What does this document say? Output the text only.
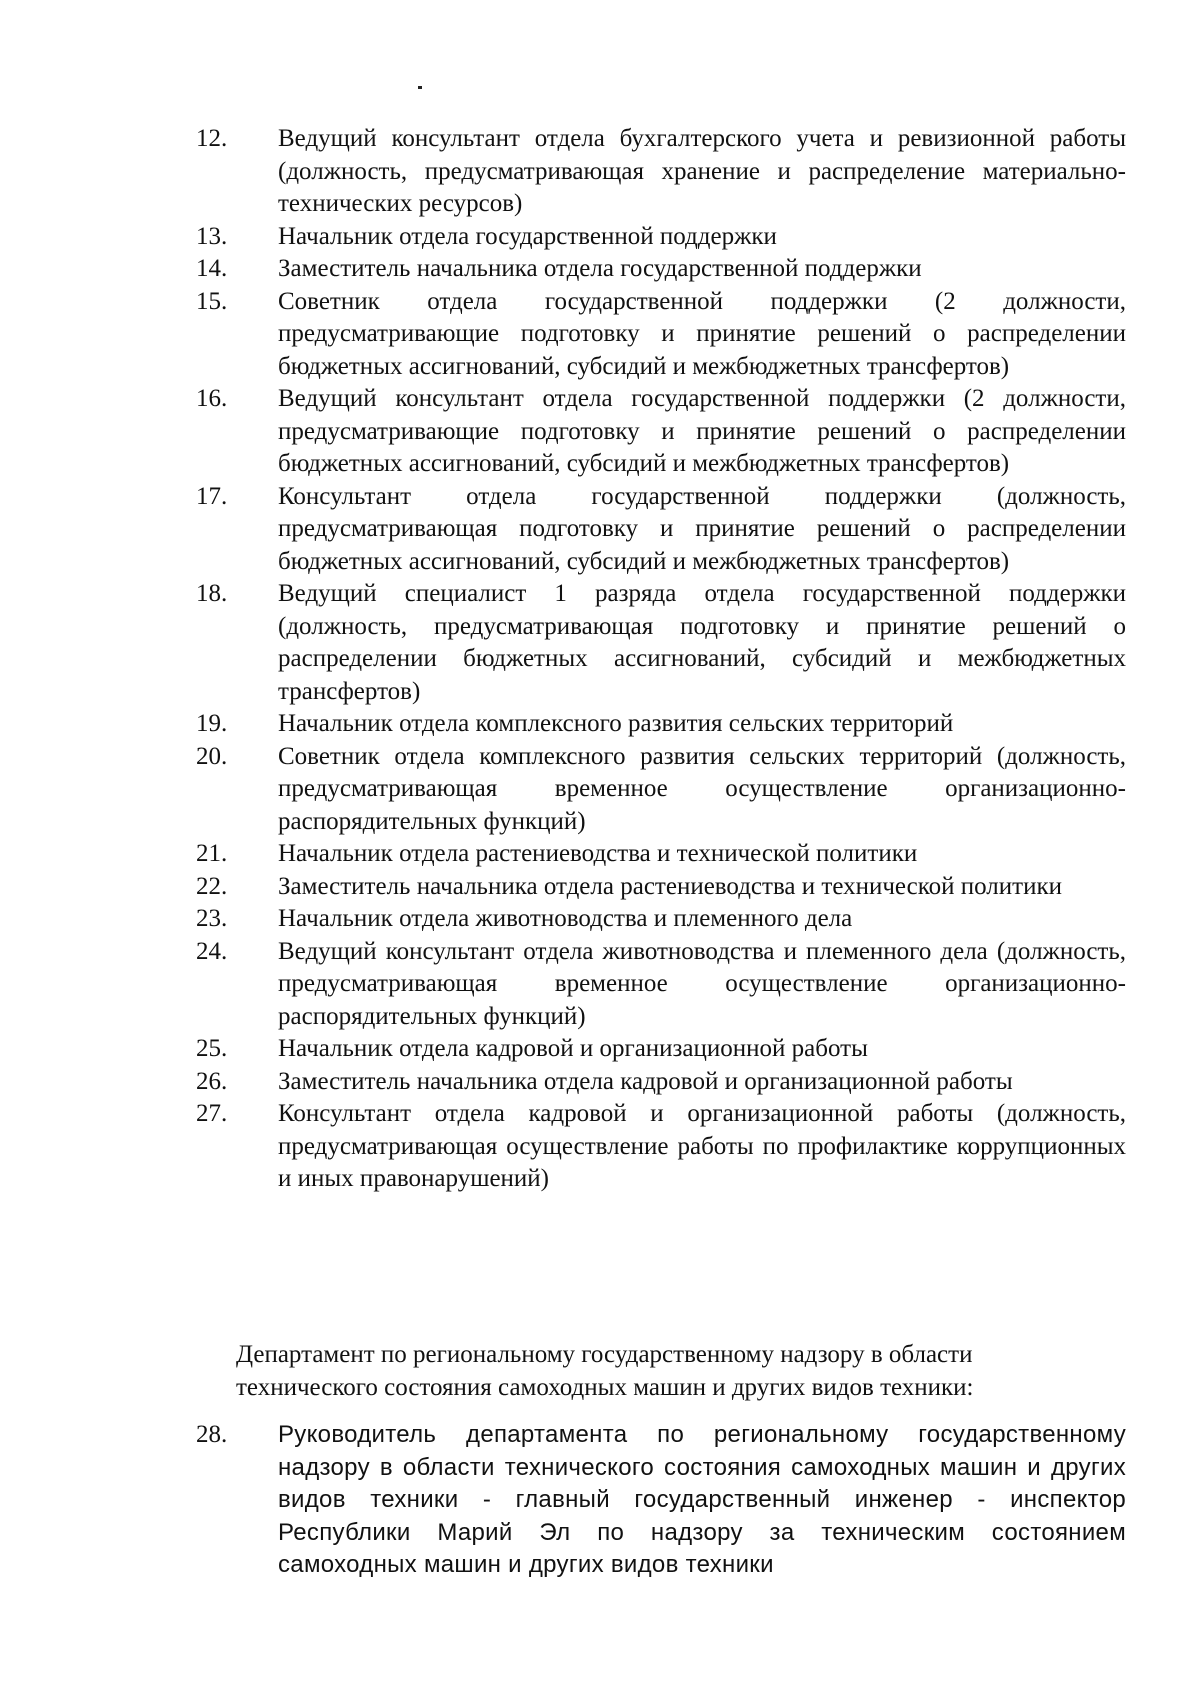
12.	Ведущий консультант отдела бухгалтерского учета и ревизионной работы (должность, предусматривающая хранение и распределение материально-технических ресурсов)
13.	Начальник отдела государственной поддержки
14.	Заместитель начальника отдела государственной поддержки
15.	Советник отдела государственной поддержки (2 должности, предусматривающие подготовку и принятие решений о распределении бюджетных ассигнований, субсидий и межбюджетных трансфертов)
16.	Ведущий консультант отдела государственной поддержки (2 должности, предусматривающие подготовку и принятие решений о распределении бюджетных ассигнований, субсидий и межбюджетных трансфертов)
17.	Консультант отдела государственной поддержки (должность, предусматривающая подготовку и принятие решений о распределении бюджетных ассигнований, субсидий и межбюджетных трансфертов)
18.	Ведущий специалист 1 разряда отдела государственной поддержки (должность, предусматривающая подготовку и принятие решений о распределении бюджетных ассигнований, субсидий и межбюджетных трансфертов)
19.	Начальник отдела комплексного развития сельских территорий
20.	Советник отдела комплексного развития сельских территорий (должность, предусматривающая временное осуществление организационно-распорядительных функций)
21.	Начальник отдела растениеводства и технической политики
22.	Заместитель начальника отдела растениеводства и технической политики
23.	Начальник отдела животноводства и племенного дела
24.	Ведущий консультант отдела животноводства и племенного дела (должность, предусматривающая временное осуществление организационно-распорядительных функций)
25.	Начальник отдела кадровой и организационной работы
26.	Заместитель начальника отдела кадровой и организационной работы
27.	Консультант отдела кадровой и организационной работы (должность, предусматривающая осуществление работы по профилактике коррупционных и иных правонарушений)
Департамент по региональному государственному надзору в области технического состояния самоходных машин и других видов техники:
28.	Руководитель департамента по региональному государственному надзору в области технического состояния самоходных машин и других видов техники - главный государственный инженер - инспектор Республики Марий Эл по надзору за техническим состоянием самоходных машин и других видов техники
